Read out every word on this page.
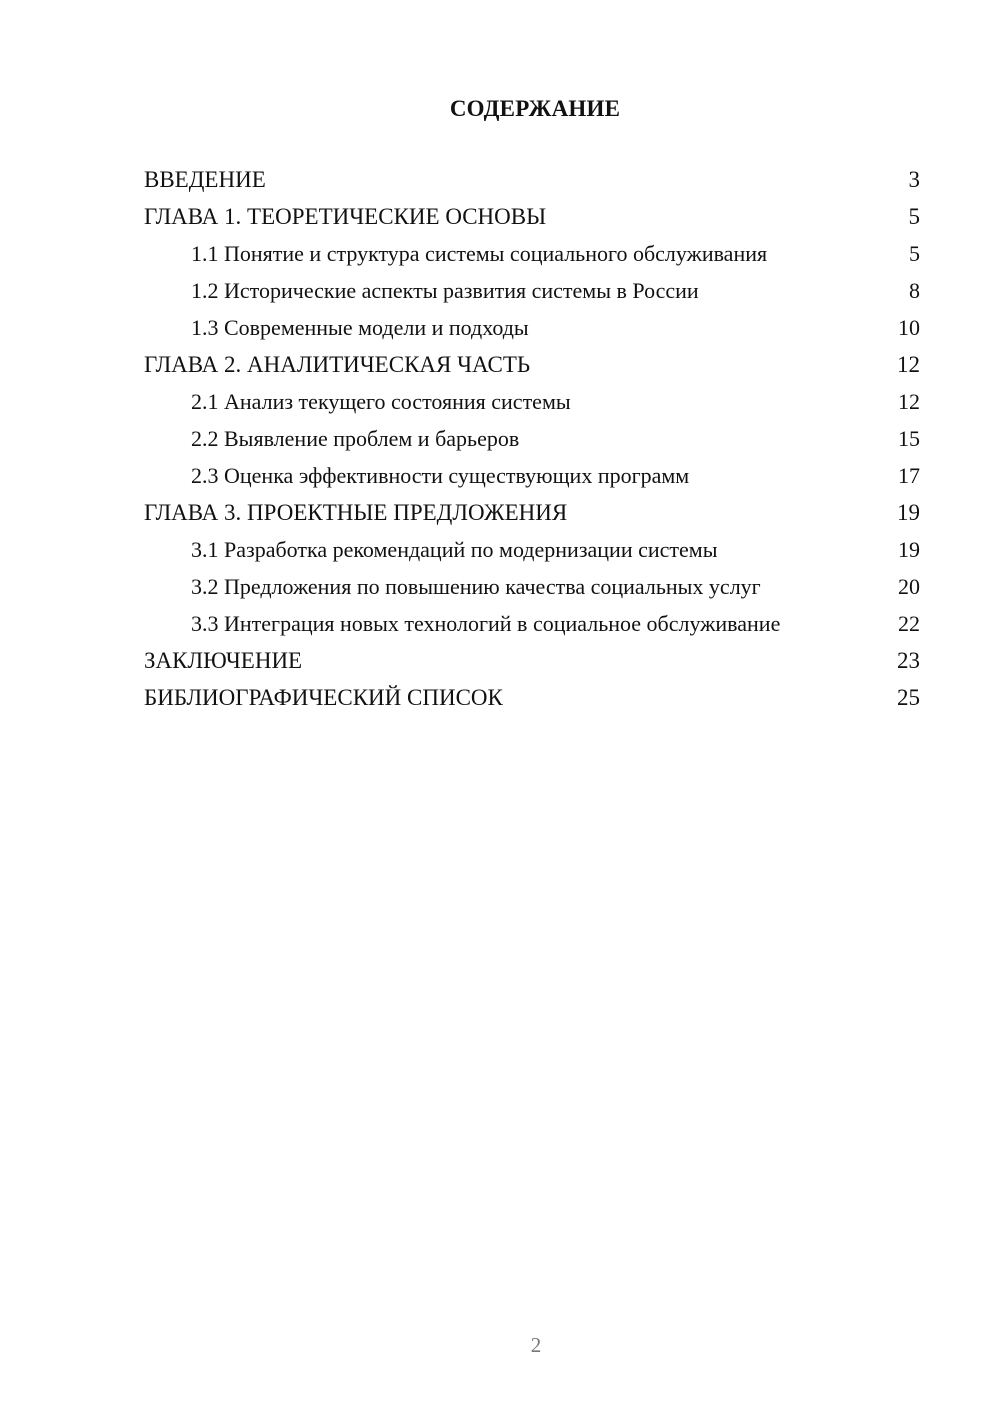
СОДЕРЖАНИЕ
ВВЕДЕНИЕ	3
ГЛАВА 1. ТЕОРЕТИЧЕСКИЕ ОСНОВЫ	5
1.1 Понятие и структура системы социального обслуживания	5
1.2 Исторические аспекты развития системы в России	8
1.3 Современные модели и подходы	10
ГЛАВА 2. АНАЛИТИЧЕСКАЯ ЧАСТЬ	12
2.1 Анализ текущего состояния системы	12
2.2 Выявление проблем и барьеров	15
2.3 Оценка эффективности существующих программ	17
ГЛАВА 3. ПРОЕКТНЫЕ ПРЕДЛОЖЕНИЯ	19
3.1 Разработка рекомендаций по модернизации системы	19
3.2 Предложения по повышению качества социальных услуг	20
3.3 Интеграция новых технологий в социальное обслуживание	22
ЗАКЛЮЧЕНИЕ	23
БИБЛИОГРАФИЧЕСКИЙ СПИСОК	25
2
